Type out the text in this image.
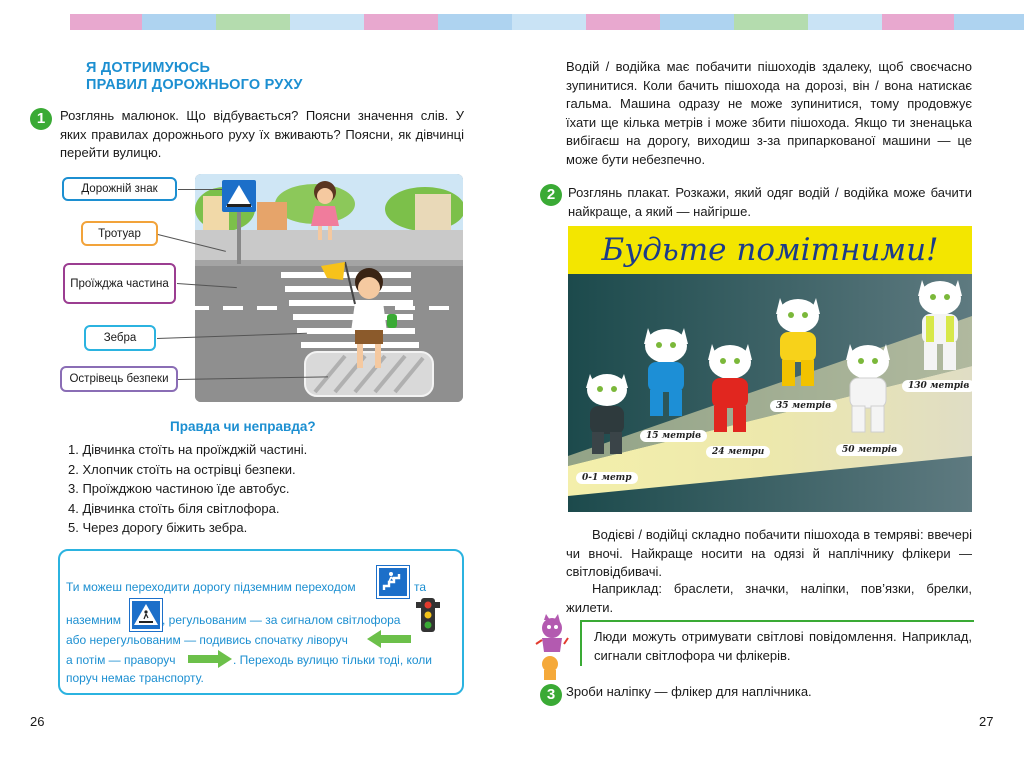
Я ДОТРИМУЮСЬ
ПРАВИЛ ДОРОЖНЬОГО РУХУ
1	Розглянь малюнок. Що відбувається? Поясни значення слів. У яких правилах дорожнього руху їх вживають? Поясни, як дівчинці перейти вулицю.
Дорожній знак
Тротуар
Проїжджа частина
Зебра
Острівець безпеки
Правда чи неправда?
1. Дівчинка стоїть на проїжджій частині.
2. Хлопчик стоїть на острівці безпеки.
3. Проїжджою частиною їде автобус.
4. Дівчинка стоїть біля світлофора.
5. Через дорогу біжить зебра.
Ти можеш переходити дорогу підземним переходом	та
наземним	, регульованим — за сигналом світлофора
або нерегульованим — подивись спочатку ліворуч
а потім — праворуч	. Переходь вулицю тільки тоді, коли
поруч немає транспорту.
26
Водій / водійка має побачити пішоходів здалеку, щоб своєчасно зупинитися. Коли бачить пішохода на дорозі, він / вона натискає гальма. Машина одразу не може зупинитися, тому продовжує їхати ще кілька метрів і може збити пішохода. Якщо ти зненацька вибігаєш на дорогу, виходиш з-за припаркованої машини — це може бути небезпечно.
2 Розглянь плакат. Розкажи, який одяг водій / водійка може бачити найкраще, а який — найгірше.
Будьте помітними!
0-1 метр
15 метрів
24 метри
35 метрів
50 метрів
130 метрів
Водієві / водійці складно побачити пішохода в темряві: ввечері чи вночі. Найкраще носити на одязі й наплічнику флікери — світловідбивачі.
Наприклад: браслети, значки, наліпки, пов’язки, брелки, жилети.
Люди можуть отримувати світлові повідомлення. Наприклад, сигнали світлофора чи флікерів.
3 Зроби наліпку — флікер для наплічника.
27
